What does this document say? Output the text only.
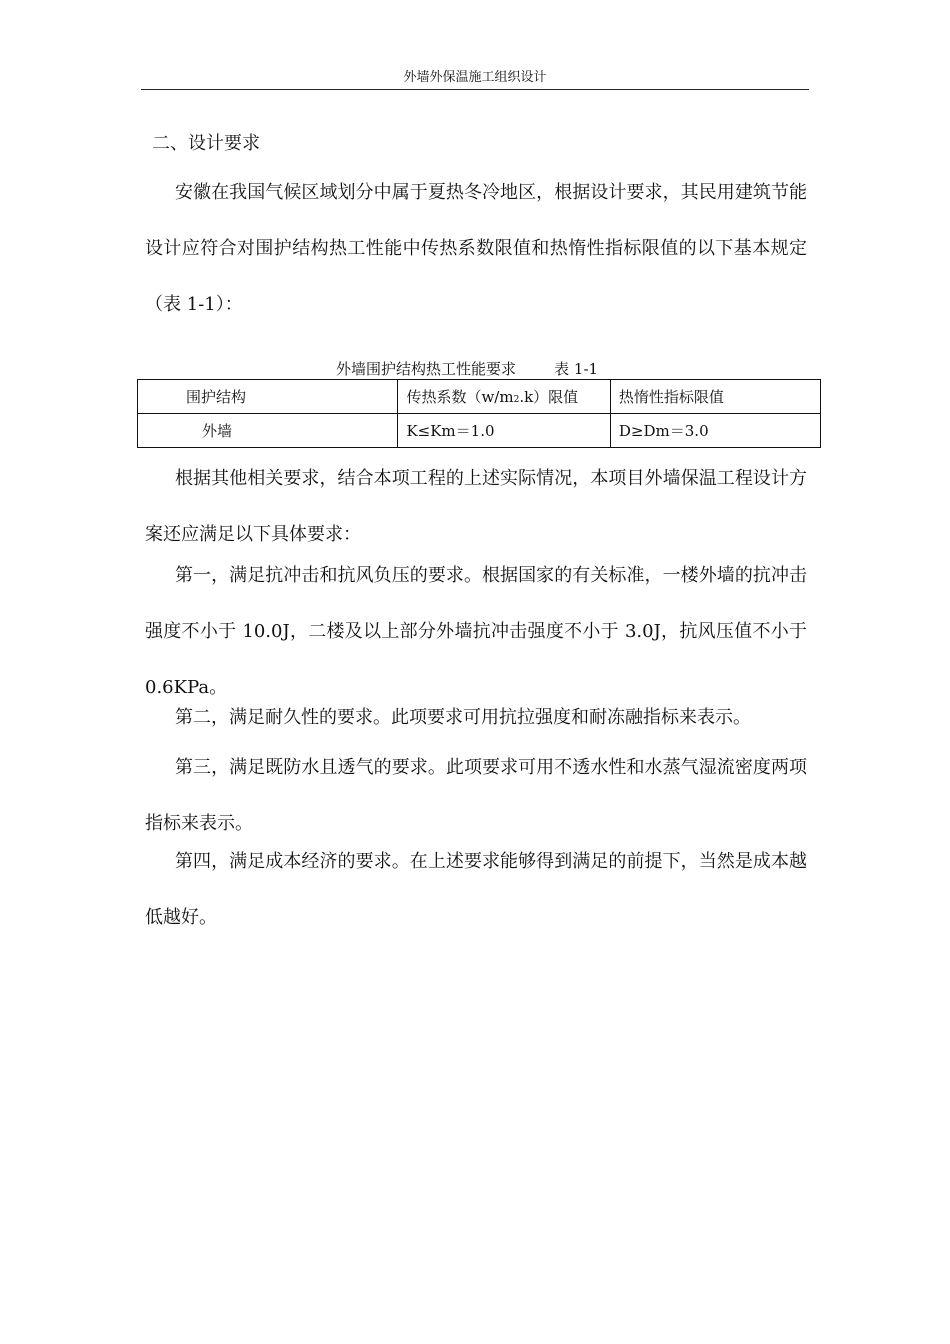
外墙外保温施工组织设计
二、设计要求

安徽在我国气候区域划分中属于夏热冬冷地区，根据设计要求，其民用建筑节能设计应符合对围护结构热工性能中传热系数限值和热惰性指标限值的以下基本规定（表 1-1）：

外墙围护结构热工性能要求        表 1-1
围护结构	传热系数（w/m2.k）限值	热惰性指标限值
外墙	K≤Km＝1.0	D≥Dm＝3.0

根据其他相关要求，结合本项工程的上述实际情况，本项目外墙保温工程设计方案还应满足以下具体要求：

第一，满足抗冲击和抗风负压的要求。根据国家的有关标准，一楼外墙的抗冲击强度不小于 10.0J，二楼及以上部分外墙抗冲击强度不小于 3.0J，抗风压值不小于 0.6KPa。

第二，满足耐久性的要求。此项要求可用抗拉强度和耐冻融指标来表示。

第三，满足既防水且透气的要求。此项要求可用不透水性和水蒸气湿流密度两项指标来表示。

第四，满足成本经济的要求。在上述要求能够得到满足的前提下，当然是成本越低越好。
